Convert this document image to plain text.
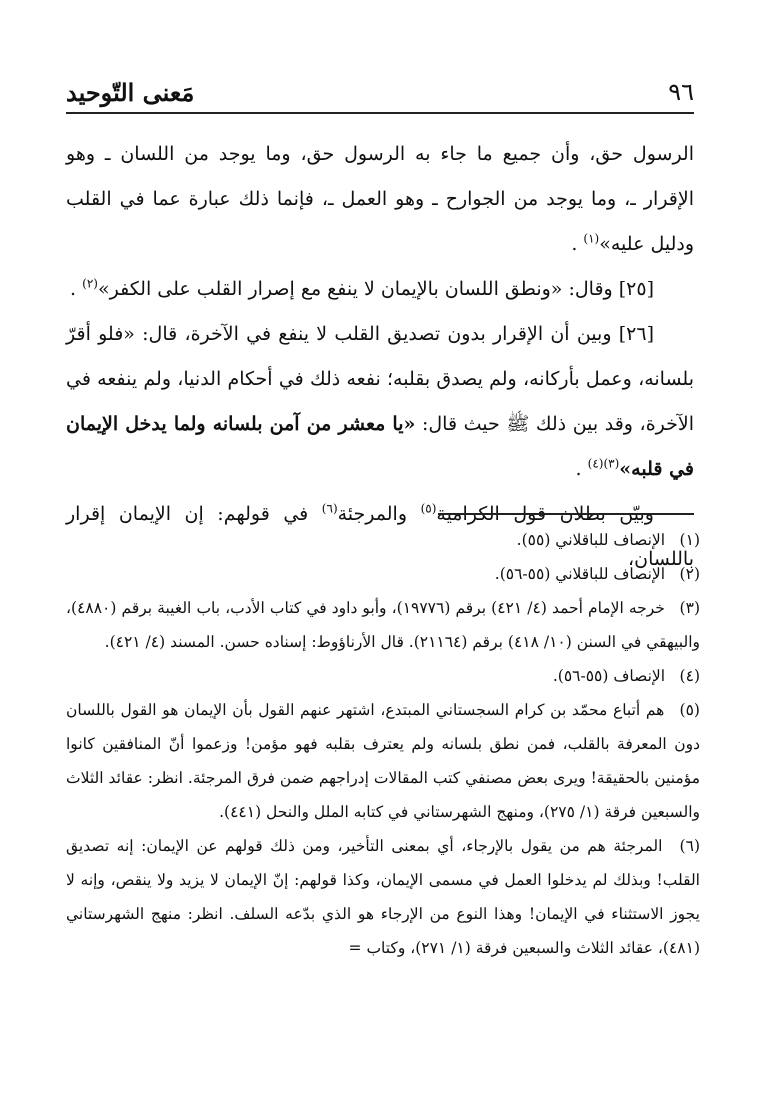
٩٦
مَعنى التّوحيد

الرسول حق، وأن جميع ما جاء به الرسول حق، وما يوجد من اللسان ـ وهو الإقرار ـ، وما يوجد من الجوارح ـ وهو العمل ـ، فإنما ذلك عبارة عما في القلب ودليل عليه»$^{(١)}$ .

[٢٥] وقال: «ونطق اللسان بالإيمان لا ينفع مع إصرار القلب على الكفر»$^{(٢)}$ .

[٢٦] وبين أن الإقرار بدون تصديق القلب لا ينفع في الآخرة، قال: «فلو أقرّ بلسانه، وعمل بأركانه، ولم يصدق بقلبه؛ نفعه ذلك في أحكام الدنيا، ولم ينفعه في الآخرة، وقد بين ذلك ﷺ حيث قال: «يا معشر من آمن بلسانه ولما يدخل الإيمان في قلبه»$^{(٣)(٤)}$ .

وبيّن بطلان قول الكرامية$^{(٥)}$ والمرجئة$^{(٦)}$ في قولهم: إن الإيمان إقرار باللسان،

(١) الإنصاف للباقلاني (٥٥).

(٢) الإنصاف للباقلاني (٥٥-٥٦).

(٣) خرجه الإمام أحمد (٤/ ٤٢١) برقم (١٩٧٧٦)، وأبو داود في كتاب الأدب، باب الغيبة برقم (٤٨٨٠)، والبيهقي في السنن (١٠/ ٤١٨) برقم (٢١١٦٤). قال الأرناؤوط: إسناده حسن. المسند (٤/ ٤٢١).

(٤) الإنصاف (٥٥-٥٦).

(٥) هم أتباع محمّد بن كرام السجستاني المبتدع، اشتهر عنهم القول بأن الإيمان هو القول باللسان دون المعرفة بالقلب، فمن نطق بلسانه ولم يعترف بقلبه فهو مؤمن! وزعموا أنّ المنافقين كانوا مؤمنين بالحقيقة! ويرى بعض مصنفي كتب المقالات إدراجهم ضمن فرق المرجئة. انظر: عقائد الثلاث والسبعين فرقة (١/ ٢٧٥)، ومنهج الشهرستاني في كتابه الملل والنحل (٤٤١).

(٦) المرجئة هم من يقول بالإرجاء، أي بمعنى التأخير، ومن ذلك قولهم عن الإيمان: إنه تصديق القلب! وبذلك لم يدخلوا العمل في مسمى الإيمان، وكذا قولهم: إنّ الإيمان لا يزيد ولا ينقص، وإنه لا يجوز الاستثناء في الإيمان! وهذا النوع من الإرجاء هو الذي بدّعه السلف. انظر: منهج الشهرستاني (٤٨١)، عقائد الثلاث والسبعين فرقة (١/ ٢٧١)، وكتاب =
